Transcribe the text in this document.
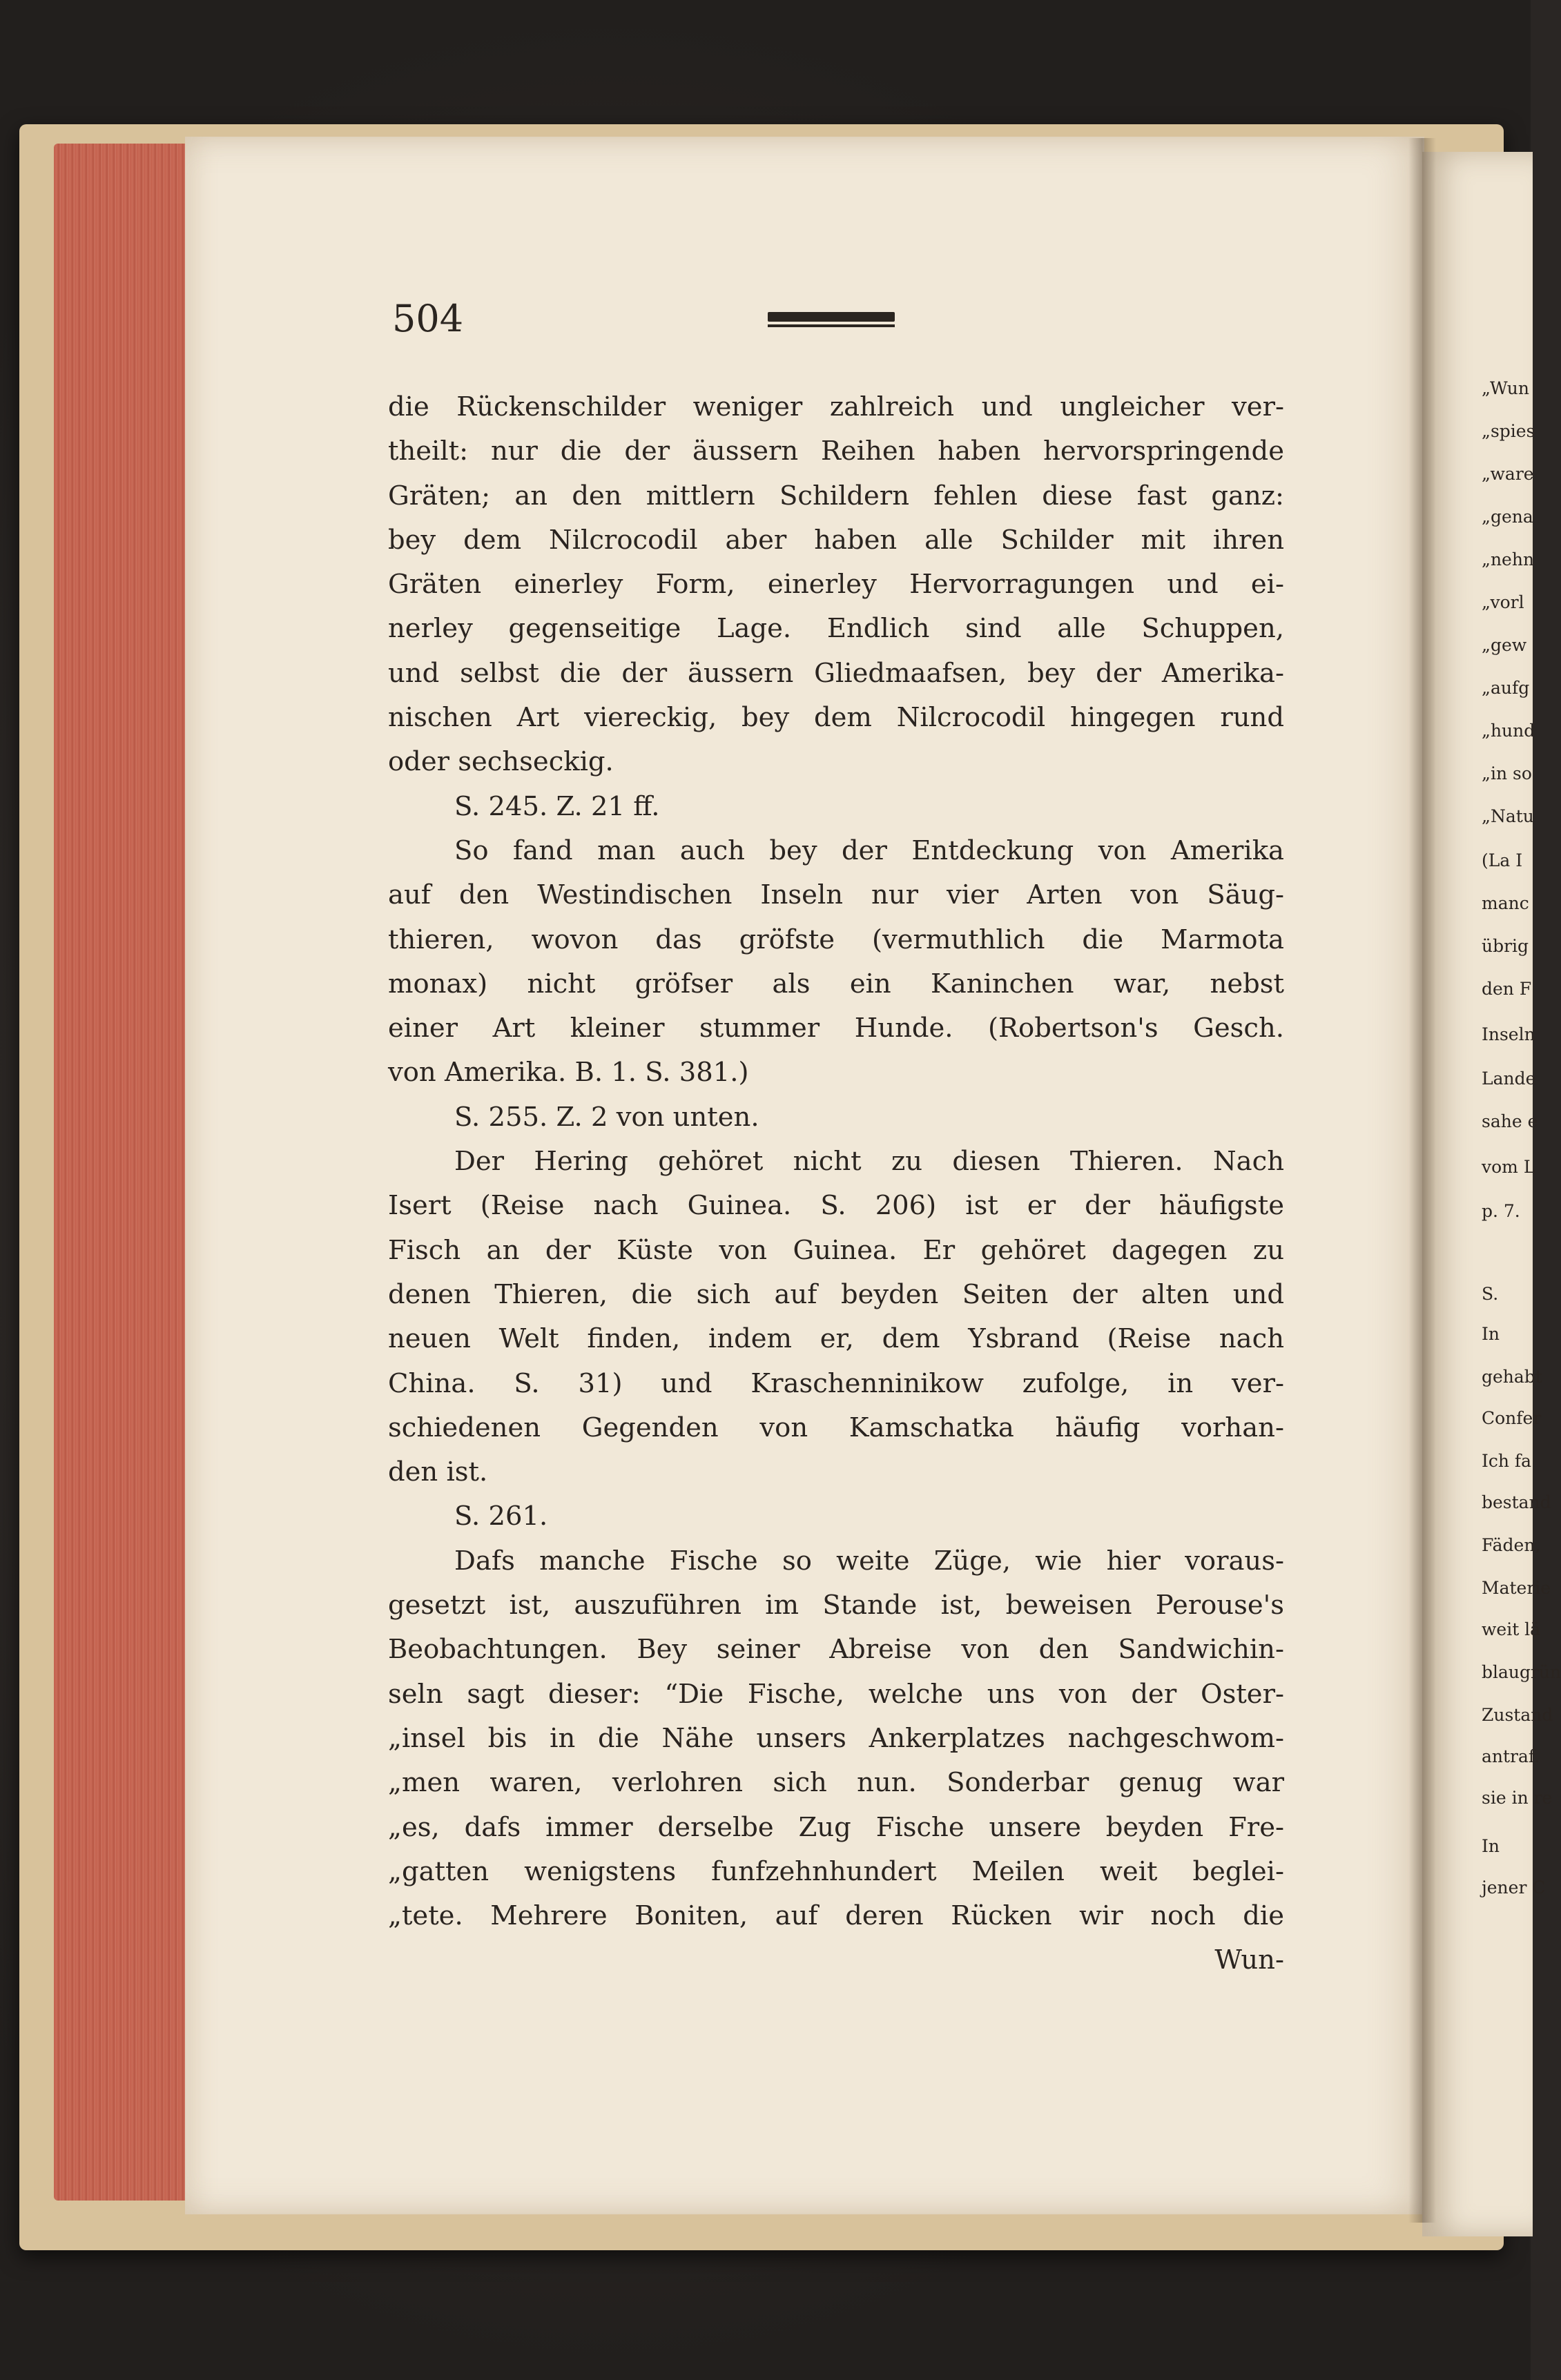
504
die Rückenschilder weniger zahlreich und ungleicher ver-
theilt: nur die der äussern Reihen haben hervorspringende
Gräten; an den mittlern Schildern fehlen diese fast ganz:
bey dem Nilcrocodil aber haben alle Schilder mit ihren
Gräten einerley Form, einerley Hervorragungen und ei-
nerley gegenseitige Lage. Endlich sind alle Schuppen,
und selbst die der äussern Gliedmaafsen, bey der Amerika-
nischen Art viereckig, bey dem Nilcrocodil hingegen rund
oder sechseckig.
S. 245. Z. 21 ff.
So fand man auch bey der Entdeckung von Amerika
auf den Westindischen Inseln nur vier Arten von Säug-
thieren, wovon das gröfste (vermuthlich die Marmota
monax) nicht gröfser als ein Kaninchen war, nebst
einer Art kleiner stummer Hunde. (Robertson's Gesch.
von Amerika. B. 1. S. 381.)
S. 255. Z. 2 von unten.
Der Hering gehöret nicht zu diesen Thieren. Nach
Isert (Reise nach Guinea. S. 206) ist er der häufigste
Fisch an der Küste von Guinea. Er gehöret dagegen zu
denen Thieren, die sich auf beyden Seiten der alten und
neuen Welt finden, indem er, dem Ysbrand (Reise nach
China. S. 31) und Kraschenninikow zufolge, in ver-
schiedenen Gegenden von Kamschatka häufig vorhan-
den ist.
S. 261.
Dafs manche Fische so weite Züge, wie hier voraus-
gesetzt ist, auszuführen im Stande ist, beweisen Perouse's
Beobachtungen. Bey seiner Abreise von den Sandwichin-
seln sagt dieser: “Die Fische, welche uns von der Oster-
„insel bis in die Nähe unsers Ankerplatzes nachgeschwom-
„men waren, verlohren sich nun. Sonderbar genug war
„es, dafs immer derselbe Zug Fische unsere beyden Fre-
„gatten wenigstens funfzehnhundert Meilen weit beglei-
„tete. Mehrere Boniten, auf deren Rücken wir noch die
Wun-
„Wun
„spies
„ware
„gena
„nehn
„vorl
„gew
„aufg
„hund
„in so
„Natu
(La I
manc
übrig
den F
Inseln
Lande
sahe e
vom L
p. 7.
S.
In
gehabt
Confer
Ich fa
bestand
Fäden,
Materie
weit lä
blaugrün
Zustand
antraf.
sie in re
In
jener C
